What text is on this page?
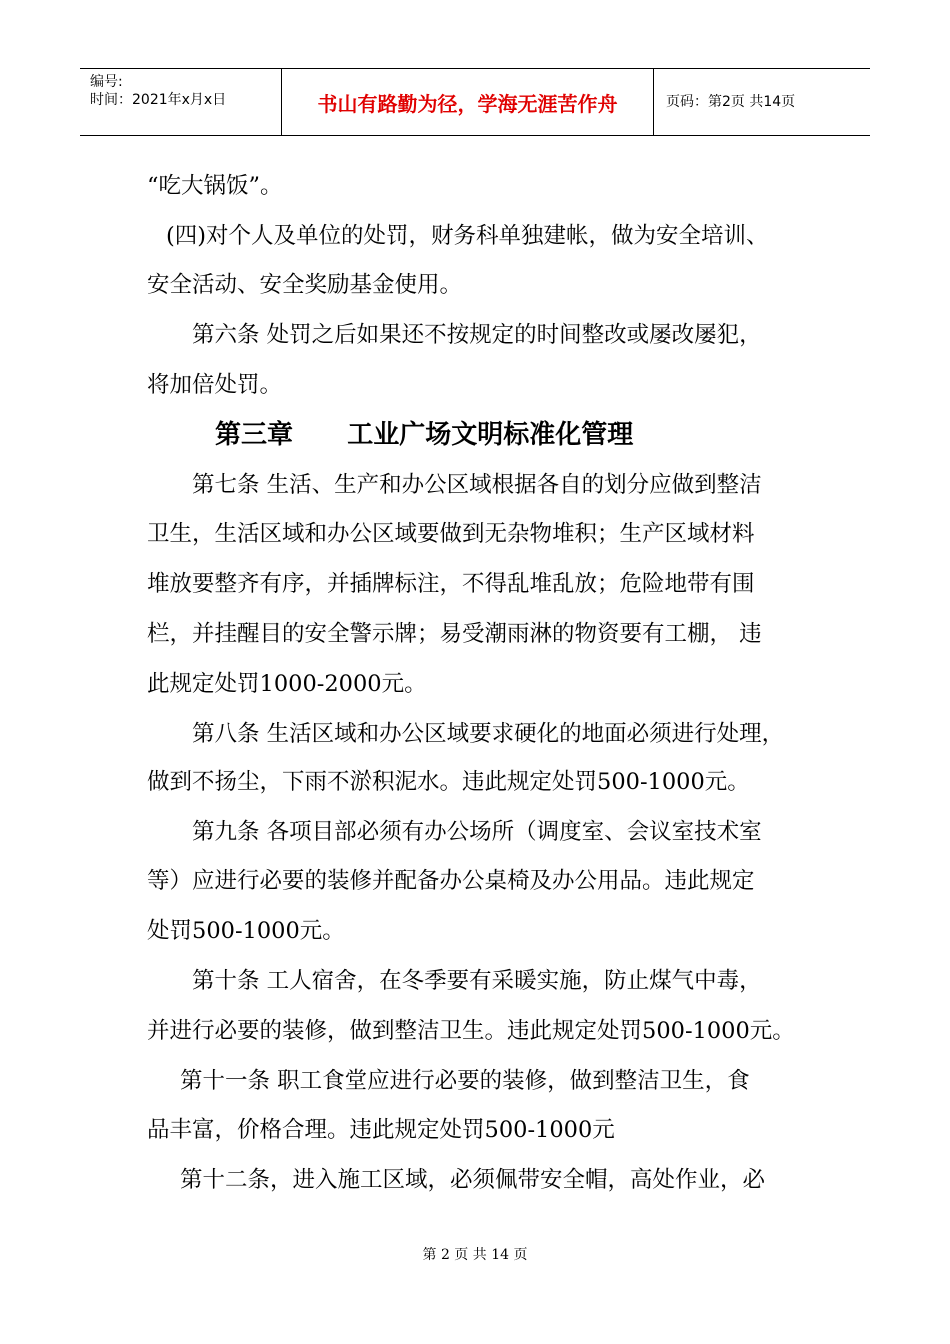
编号:
时间：2021年x月x日	书山有路勤为径，学海无涯苦作舟	页码：第2页 共14页
“吃大锅饭”。
(四)对个人及单位的处罚，财务科单独建帐，做为安全培训、
安全活动、安全奖励基金使用。
第六条 处罚之后如果还不按规定的时间整改或屡改屡犯，
将加倍处罚。
第三章      工业广场文明标准化管理
第七条 生活、生产和办公区域根据各自的划分应做到整洁
卫生，生活区域和办公区域要做到无杂物堆积；生产区域材料
堆放要整齐有序，并插牌标注，不得乱堆乱放；危险地带有围
栏，并挂醒目的安全警示牌；易受潮雨淋的物资要有工棚， 违
此规定处罚1000-2000元。
第八条 生活区域和办公区域要求硬化的地面必须进行处理，
做到不扬尘，下雨不淤积泥水。违此规定处罚500-1000元。
第九条 各项目部必须有办公场所（调度室、会议室技术室
等）应进行必要的装修并配备办公桌椅及办公用品。违此规定
处罚500-1000元。
第十条 工人宿舍，在冬季要有采暖实施，防止煤气中毒，
并进行必要的装修，做到整洁卫生。违此规定处罚500-1000元。
第十一条 职工食堂应进行必要的装修，做到整洁卫生，食
品丰富，价格合理。违此规定处罚500-1000元
第十二条，进入施工区域，必须佩带安全帽，高处作业，必
第 2 页 共 14 页
